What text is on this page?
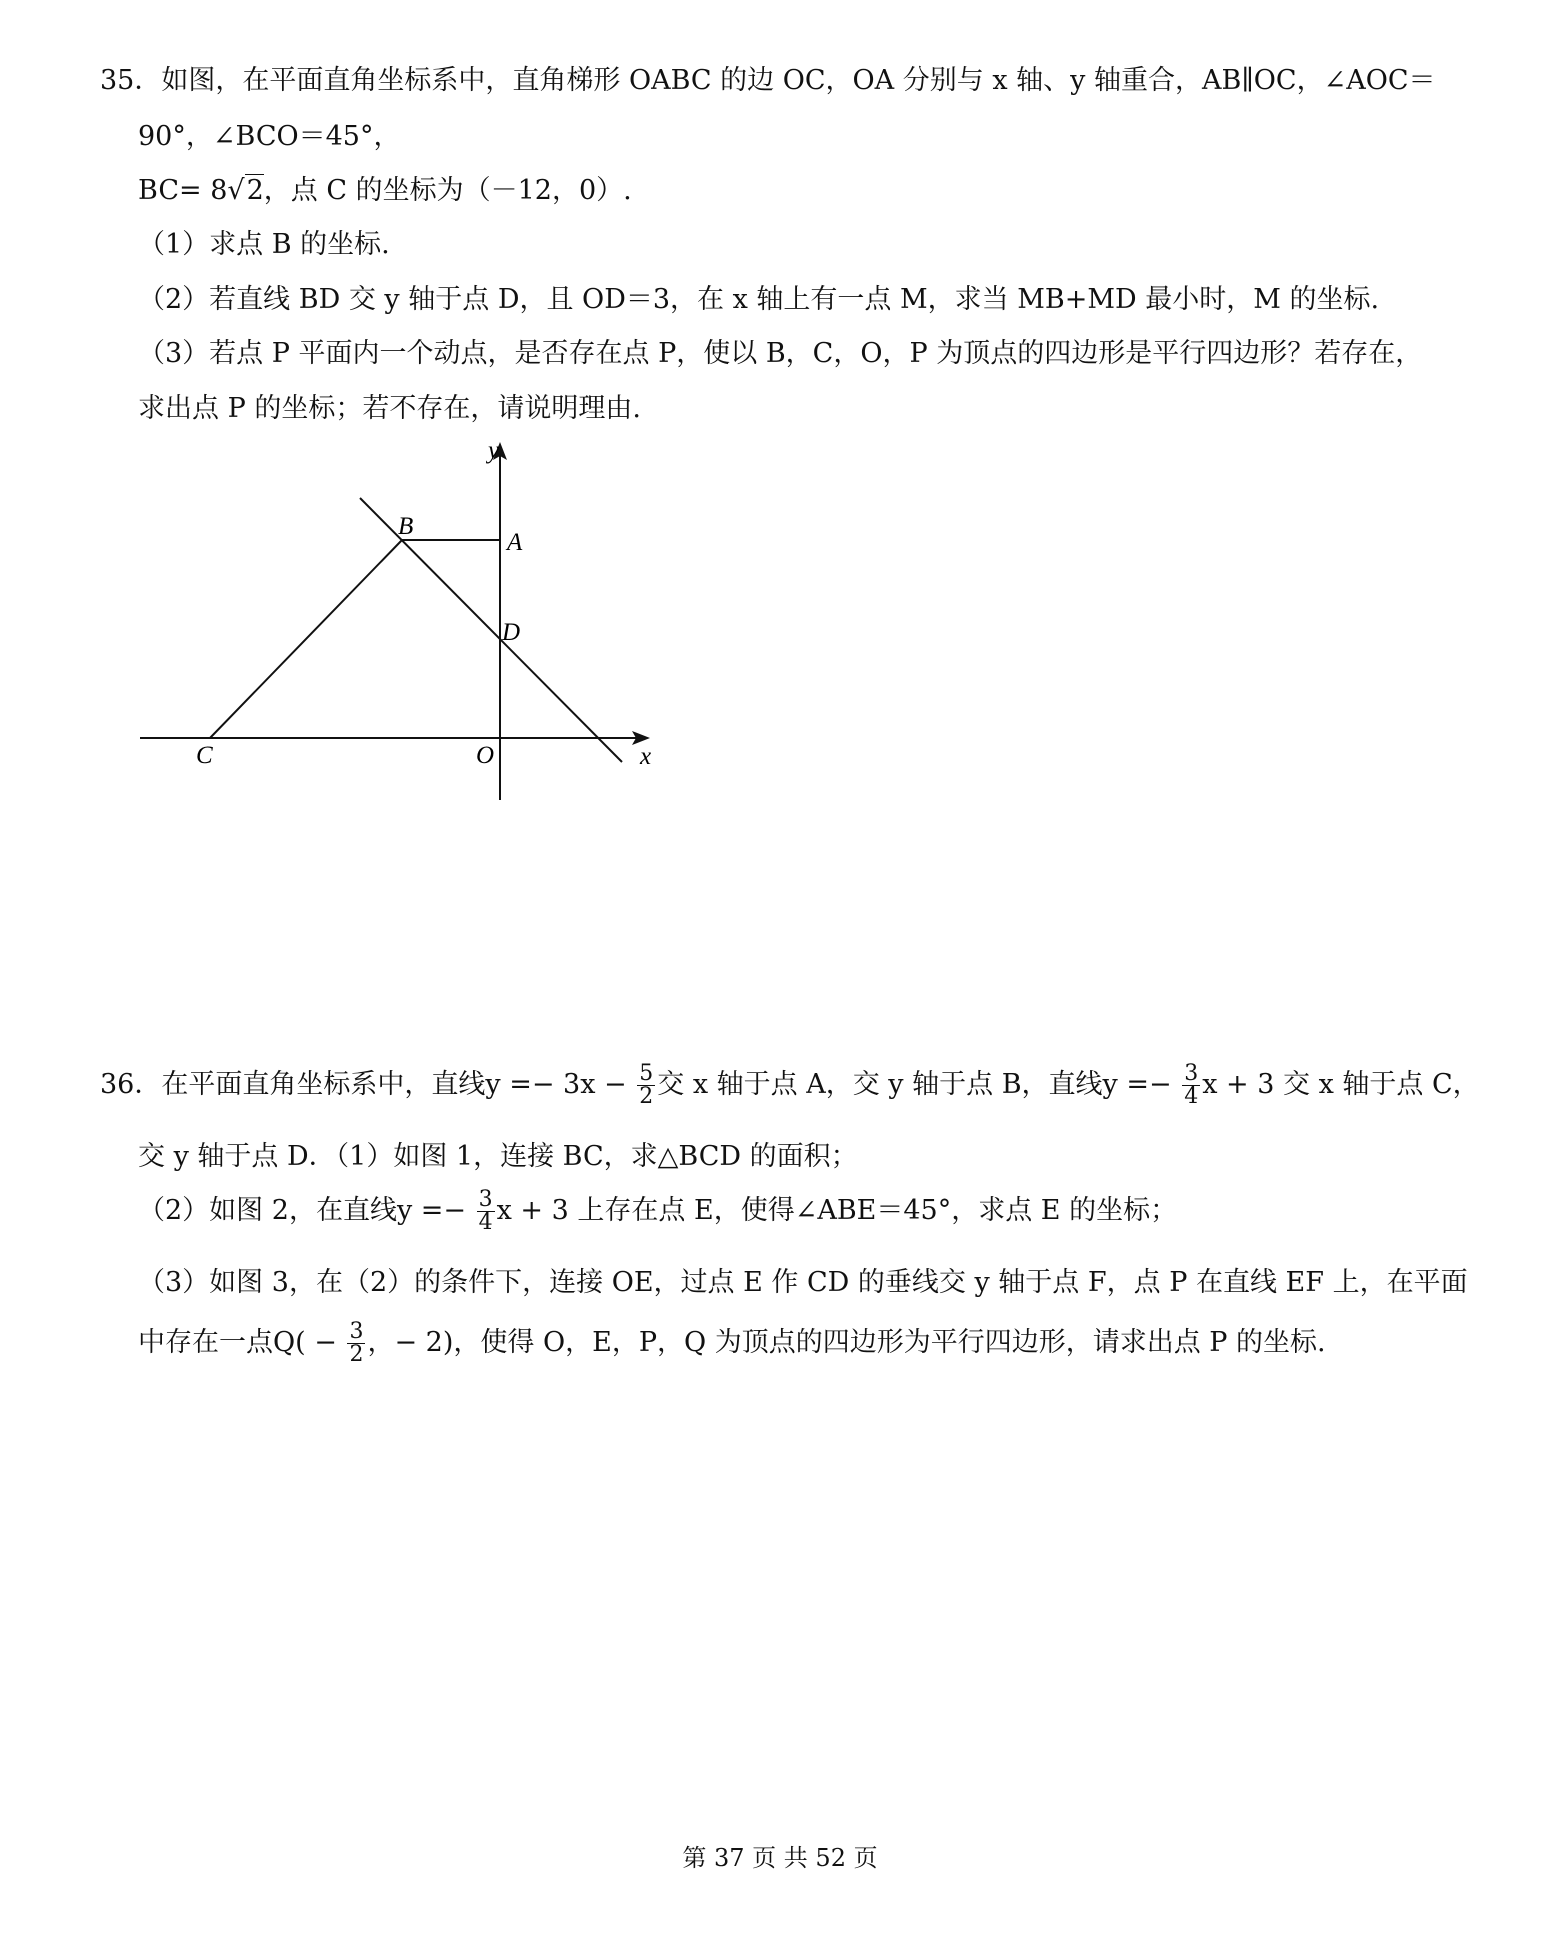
35．如图，在平面直角坐标系中，直角梯形 OABC 的边 OC，OA 分别与 x 轴、y 轴重合，AB∥OC，∠AOC＝
90°，∠BCO＝45°，
BC= 8√2，点 C 的坐标为（－12，0）.
（1）求点 B 的坐标.
（2）若直线 BD 交 y 轴于点 D，且 OD＝3，在 x 轴上有一点 M，求当 MB+MD 最小时，M 的坐标.
（3）若点 P 平面内一个动点，是否存在点 P，使以 B，C，O，P 为顶点的四边形是平行四边形？若存在，
求出点 P 的坐标；若不存在，请说明理由.
y
x
B
A
D
C	O
36．在平面直角坐标系中，直线$y =- 3x - \frac{5}{2}$ 交 x 轴于点 A，交 y 轴于点 B，直线$y =- \frac{3}{4}$ x + 3 交 x 轴于点 C，
交 y 轴于点 D．（1）如图 1，连接 BC，求△BCD 的面积；
（2）如图 2，在直线$y =- \frac{3}{4}$ x + 3 上存在点 E，使得∠ABE＝45°，求点 E 的坐标；
（3）如图 3，在（2）的条件下，连接 OE，过点 E 作 CD 的垂线交 y 轴于点 F，点 P 在直线 EF 上，在平面
中存在一点$Q( - \frac{3}{2}$ ，− 2)，使得 O，E，P，Q 为顶点的四边形为平行四边形，请求出点 P 的坐标.
第 37 页 共 52 页
